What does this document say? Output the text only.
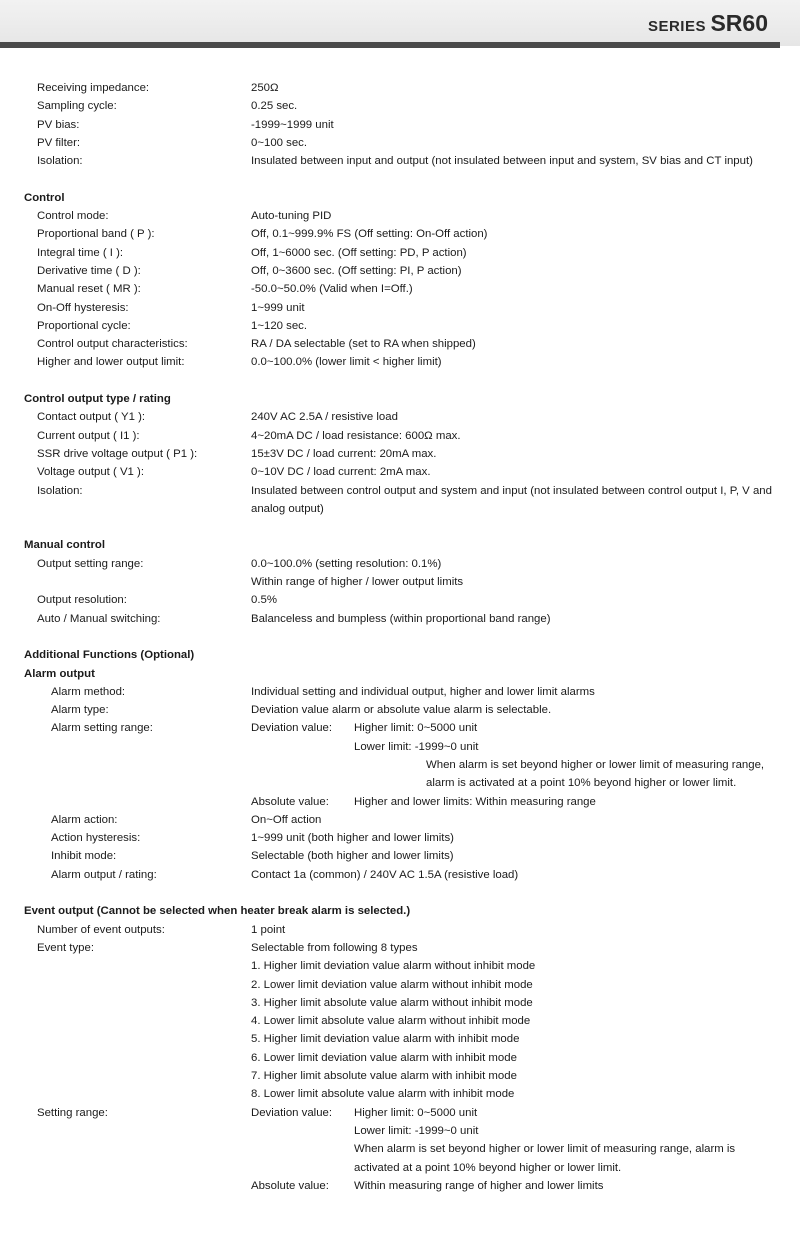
SERIES SR60
Receiving impedance:	250Ω
Sampling cycle:	0.25 sec.
PV bias:	-1999~1999 unit
PV filter:	0~100 sec.
Isolation:	Insulated between input and output (not insulated between input and system, SV bias and CT input)
Control
Control mode:	Auto-tuning PID
Proportional band ( P ):	Off, 0.1~999.9% FS (Off setting: On-Off action)
Integral time ( I ):	Off, 1~6000 sec. (Off setting: PD, P action)
Derivative time ( D ):	Off, 0~3600 sec. (Off setting: PI, P action)
Manual reset ( MR ):	-50.0~50.0% (Valid when I=Off.)
On-Off hysteresis:	1~999 unit
Proportional cycle:	1~120 sec.
Control output characteristics:	RA / DA selectable (set to RA when shipped)
Higher and lower output limit:	0.0~100.0% (lower limit < higher limit)
Control output type / rating
Contact output ( Y1 ):	240V AC 2.5A / resistive load
Current output ( I1 ):	4~20mA DC / load resistance: 600Ω max.
SSR drive voltage output ( P1 ):	15±3V DC / load current: 20mA max.
Voltage output ( V1 ):	0~10V DC / load current: 2mA max.
Isolation:	Insulated between control output and system and input (not insulated between control output I, P, V and analog output)
Manual control
Output setting range:	0.0~100.0% (setting resolution: 0.1%)
Within range of higher / lower output limits
Output resolution:	0.5%
Auto / Manual switching:	Balanceless and bumpless (within proportional band range)
Additional Functions (Optional)
Alarm output
Alarm method:	Individual setting and individual output, higher and lower limit alarms
Alarm type:	Deviation value alarm or absolute value alarm is selectable.
Alarm setting range:	Deviation value:	Higher limit: 0~5000 unit
Lower limit: -1999~0 unit
When alarm is set beyond higher or lower limit of measuring range,
alarm is activated at a point 10% beyond higher or lower limit.
Absolute value:	Higher and lower limits: Within measuring range
Alarm action:	On~Off action
Action hysteresis:	1~999 unit (both higher and lower limits)
Inhibit mode:	Selectable (both higher and lower limits)
Alarm output / rating:	Contact 1a (common) / 240V AC 1.5A (resistive load)
Event output (Cannot be selected when heater break alarm is selected.)
Number of event outputs:	1 point
Event type:	Selectable from following 8 types
1. Higher limit deviation value alarm without inhibit mode
2. Lower limit deviation value alarm without inhibit mode
3. Higher limit absolute value alarm without inhibit mode
4. Lower limit absolute value alarm without inhibit mode
5. Higher limit deviation value alarm with inhibit mode
6. Lower limit deviation value alarm with inhibit mode
7. Higher limit absolute value alarm with inhibit mode
8. Lower limit absolute value alarm with inhibit mode
Setting range:	Deviation value:	Higher limit: 0~5000 unit
Lower limit: -1999~0 unit
When alarm is set beyond higher or lower limit of measuring range, alarm is activated at a point 10% beyond higher or lower limit.
Absolute value:	Within measuring range of higher and lower limits
